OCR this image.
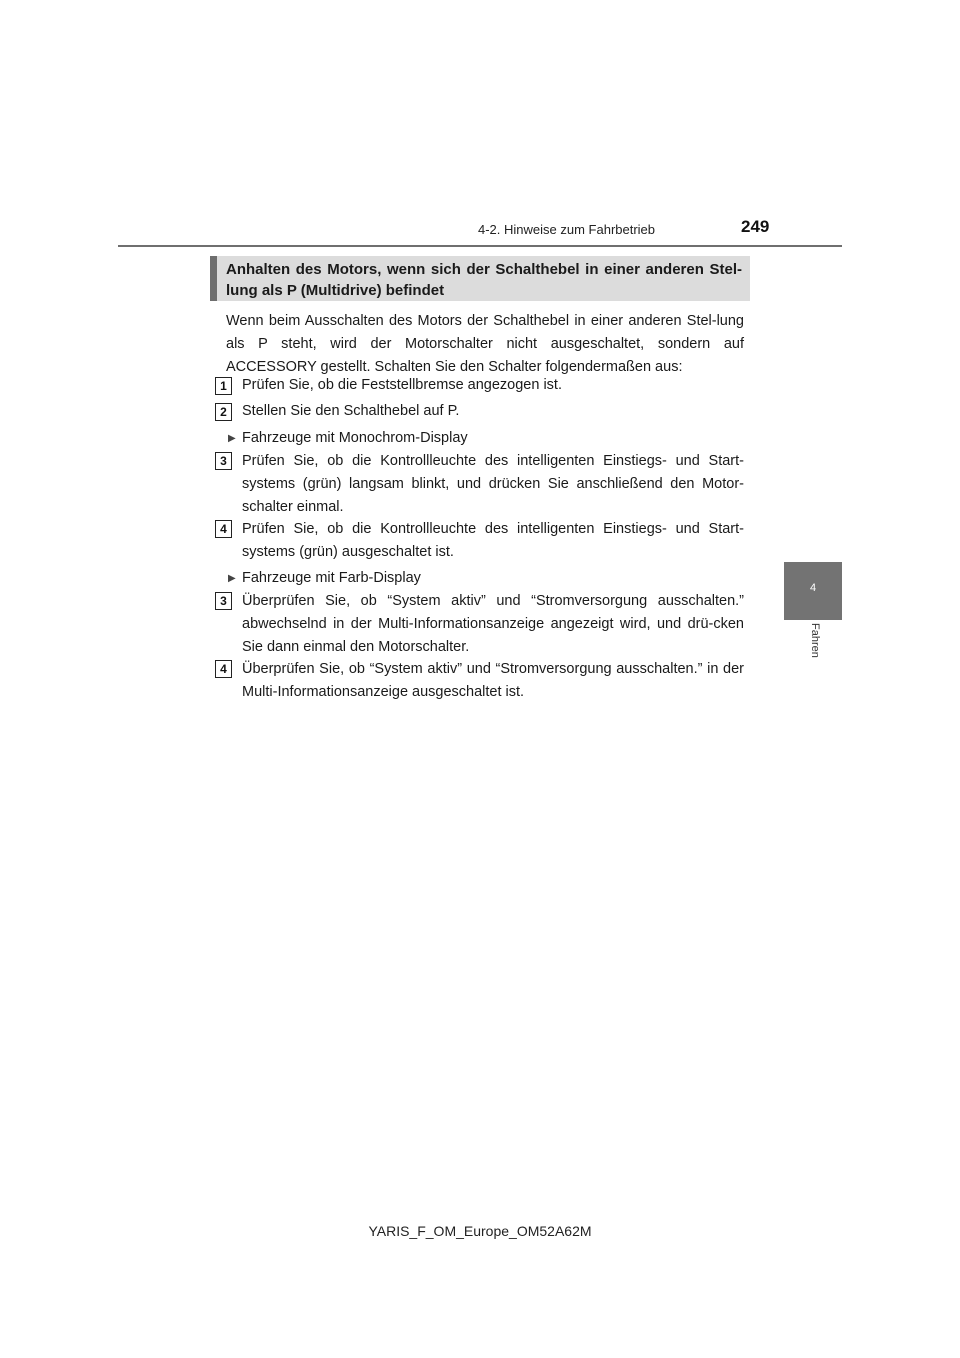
4-2. Hinweise zum Fahrbetrieb	249
4
Fahren

Anhalten des Motors, wenn sich der Schalthebel in einer anderen Stel-lung als P (Multidrive) befindet

Wenn beim Ausschalten des Motors der Schalthebel in einer anderen Stel-lung als P steht, wird der Motorschalter nicht ausgeschaltet, sondern auf ACCESSORY gestellt. Schalten Sie den Schalter folgendermaßen aus:

1	Prüfen Sie, ob die Feststellbremse angezogen ist.

2	Stellen Sie den Schalthebel auf P.

▶ Fahrzeuge mit Monochrom-Display

3	Prüfen Sie, ob die Kontrollleuchte des intelligenten Einstiegs- und Start-systems (grün) langsam blinkt, und drücken Sie anschließend den Motor-schalter einmal.

4	Prüfen Sie, ob die Kontrollleuchte des intelligenten Einstiegs- und Start-systems (grün) ausgeschaltet ist.

▶ Fahrzeuge mit Farb-Display

3	Überprüfen Sie, ob “System aktiv” und “Stromversorgung ausschalten.” abwechselnd in der Multi-Informationsanzeige angezeigt wird, und drü-cken Sie dann einmal den Motorschalter.

4	Überprüfen Sie, ob “System aktiv” und “Stromversorgung ausschalten.” in der Multi-Informationsanzeige ausgeschaltet ist.

YARIS_F_OM_Europe_OM52A62M
